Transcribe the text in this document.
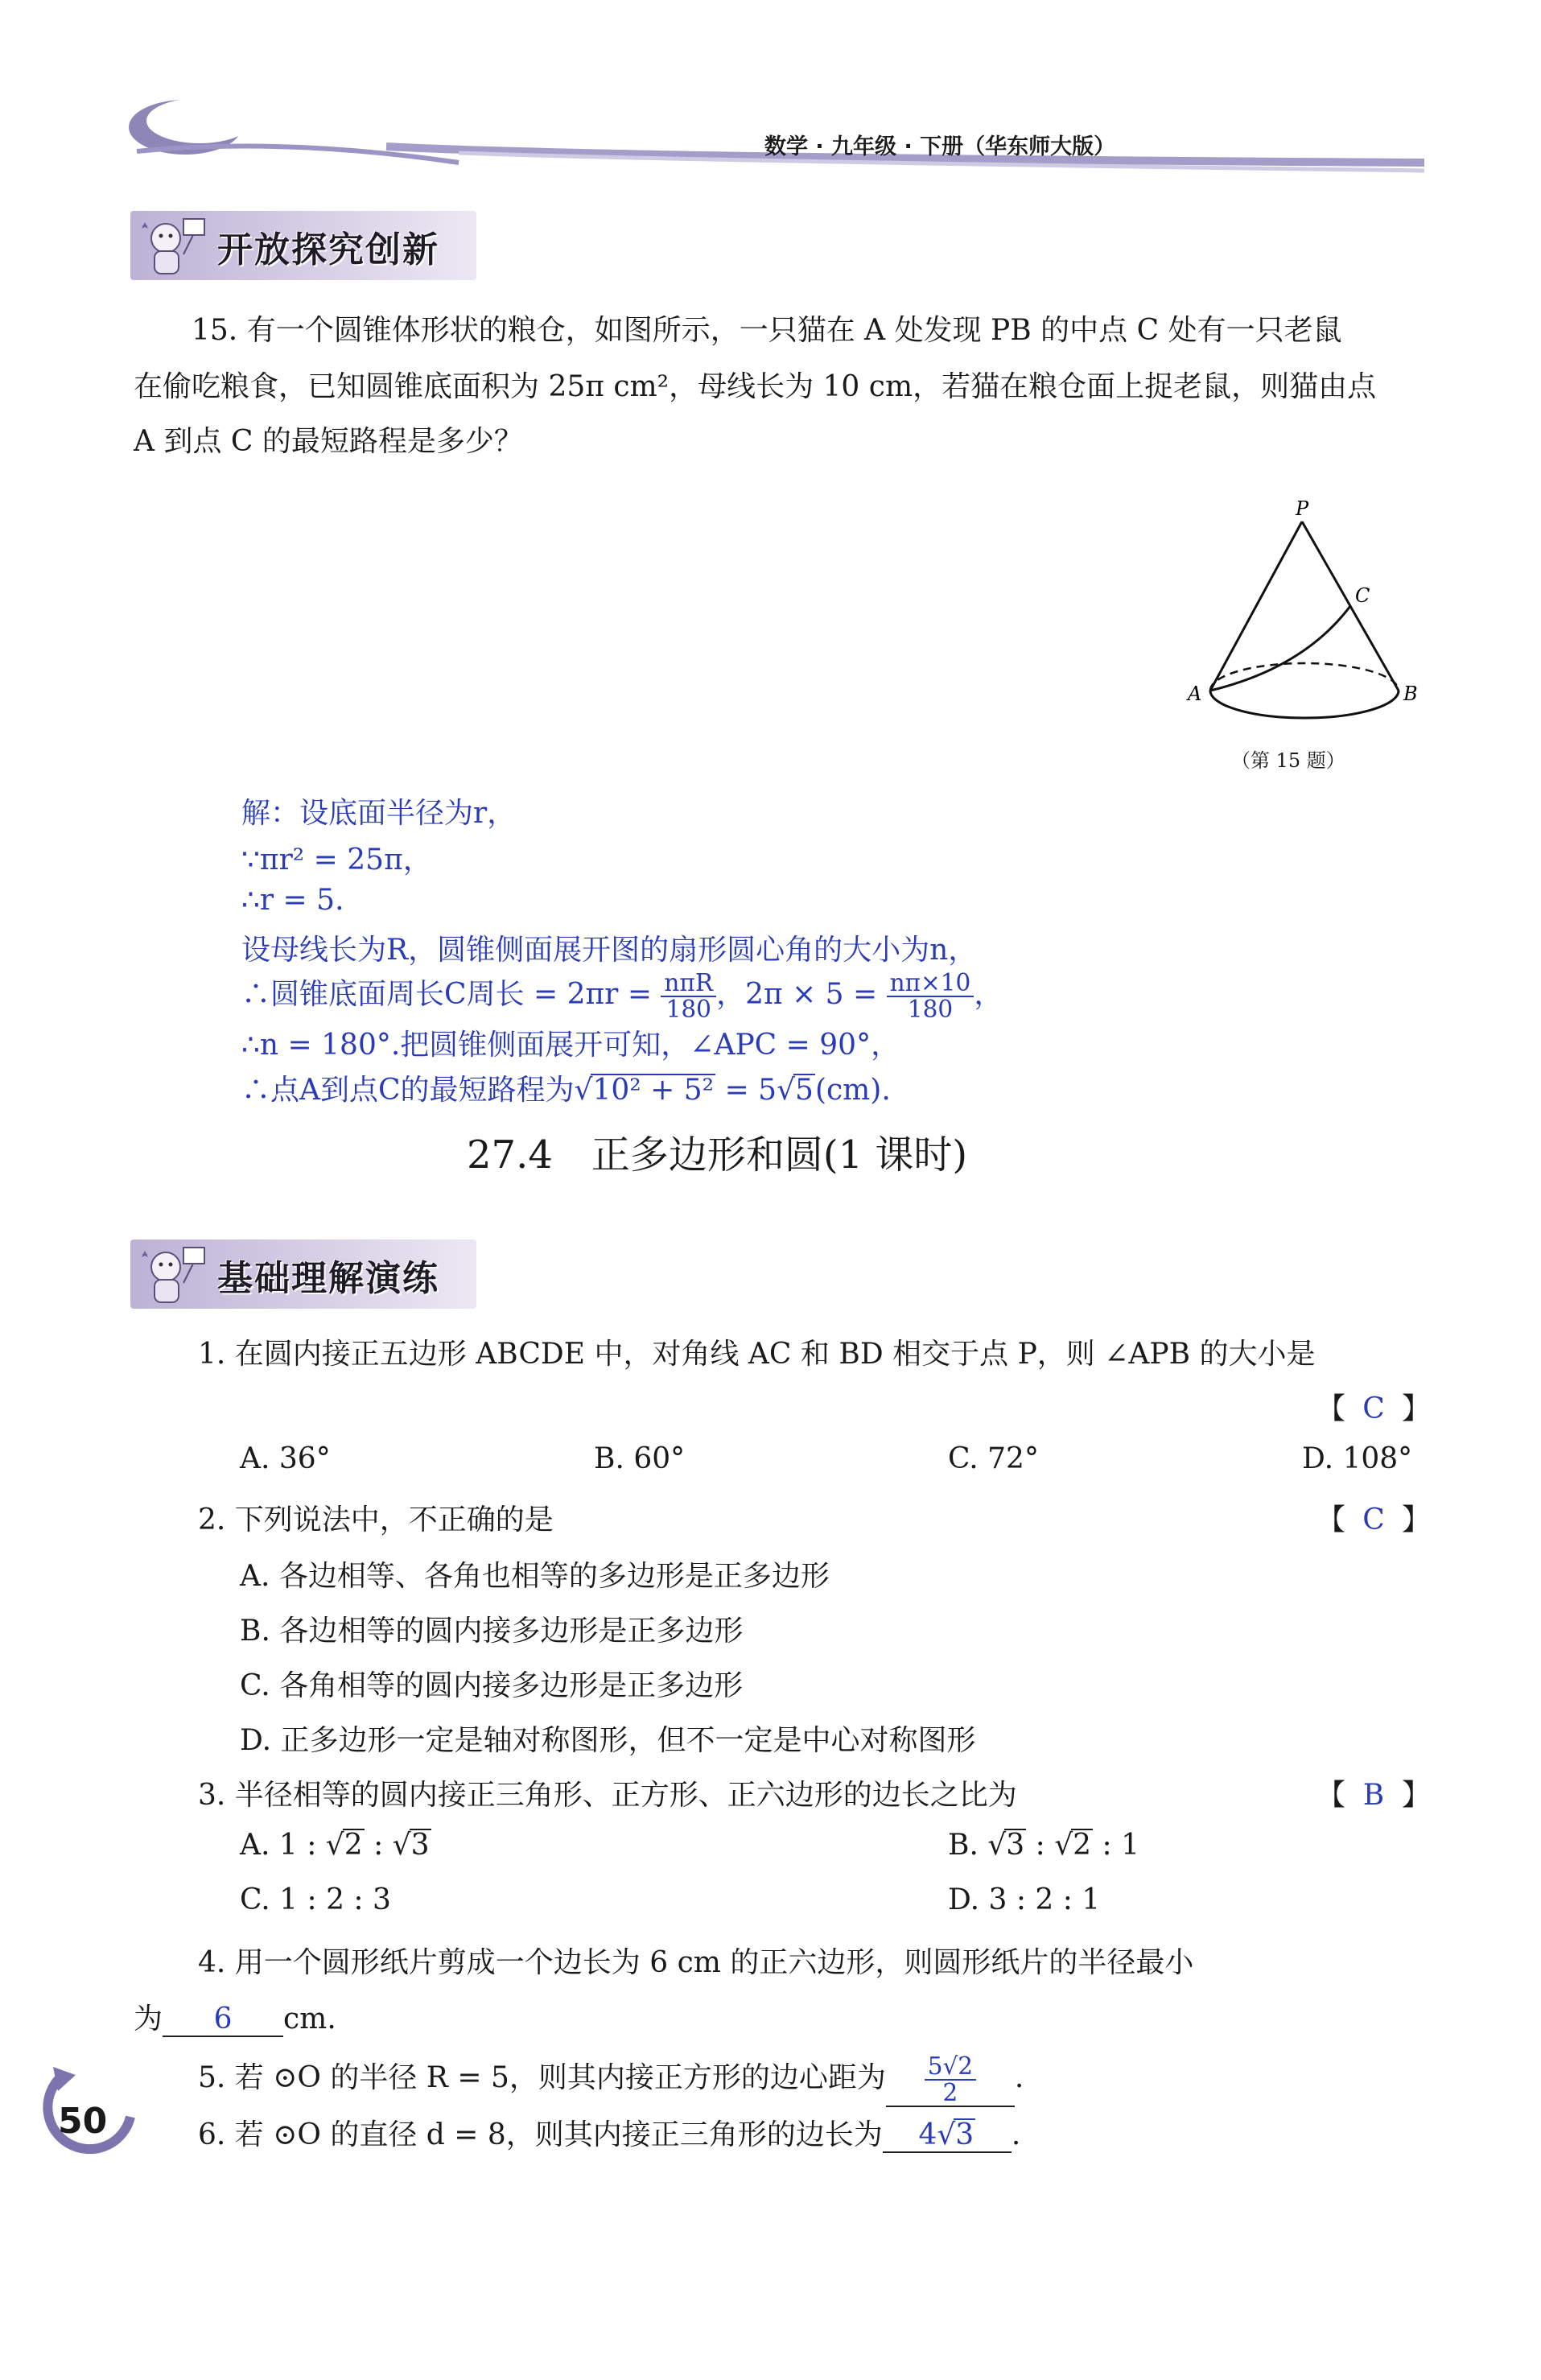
数学 · 九年级 · 下册（华东师大版）
开放探究创新
15. 有一个圆锥体形状的粮仓，如图所示，一只猫在 A 处发现 PB 的中点 C 处有一只老鼠
在偷吃粮食，已知圆锥底面积为 25π cm²，母线长为 10 cm，若猫在粮仓面上捉老鼠，则猫由点
A 到点 C 的最短路程是多少？
P
C
A	B
（第 15 题）
解：设底面半径为r，
∵πr² = 25π，
∴r = 5.
设母线长为R，圆锥侧面展开图的扇形圆心角的大小为n，
∴圆锥底面周长C周长 = $2\pi r = \frac{\text{nπR}}{180}$ ，$2\pi \times 5 = \frac{n\pi\times 10}{180}$ ，
∴n = 180°.把圆锥侧面展开可知，∠APC = 90°，
∴点A到点C的最短路程为√10² + 5² = 5√5(cm).
27.4　正多边形和圆(1 课时)
基础理解演练
1. 在圆内接正五边形 ABCDE 中，对角线 AC 和 BD 相交于点 P，则 ∠APB 的大小是
【 C 】
A. 36°	B. 60°	C. 72°	D. 108°
2. 下列说法中，不正确的是	【 C 】
A. 各边相等、各角也相等的多边形是正多边形
B. 各边相等的圆内接多边形是正多边形
C. 各角相等的圆内接多边形是正多边形
D. 正多边形一定是轴对称图形，但不一定是中心对称图形
3. 半径相等的圆内接正三角形、正方形、正六边形的边长之比为	【 B 】
A. 1 : √2 : √3	B. √3 : √2 : 1
C. 1 : 2 : 3	D. 3 : 2 : 1
4. 用一个圆形纸片剪成一个边长为 6 cm 的正六边形，则圆形纸片的半径最小
为 6 cm.
5. 若 ⊙O 的半径 R = 5，则其内接正方形的边心距为 $\frac{5√2}{2}$ .
6. 若 ⊙O 的直径 d = 8，则其内接正三角形的边长为 4√3 .
50
